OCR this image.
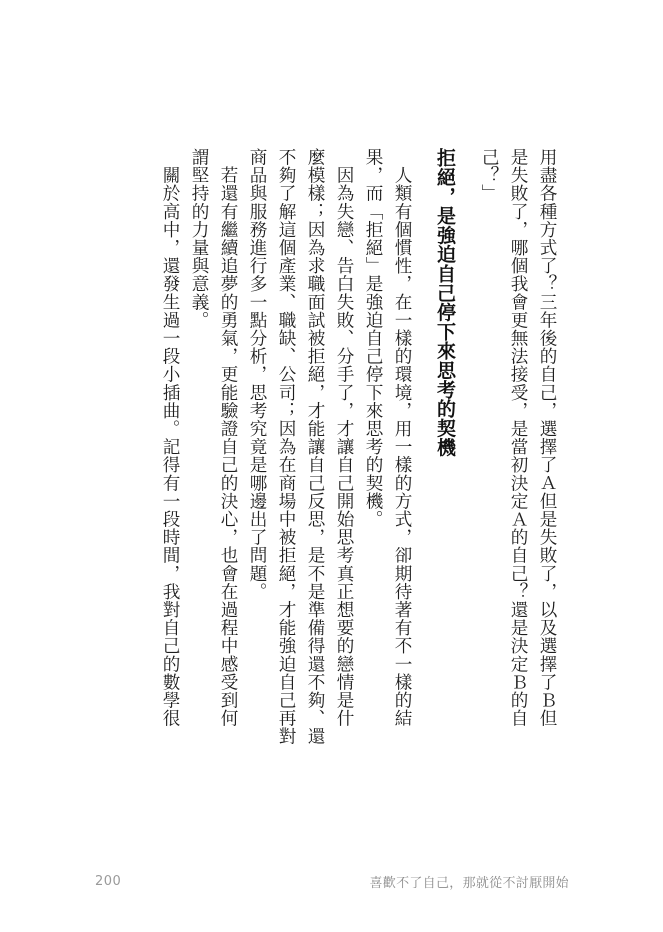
用盡各種方式了？三年後的自己，選擇了Ａ但是失敗了，以及選擇了Ｂ但
是失敗了，哪個我會更無法接受，是當初決定Ａ的自己？還是決定Ｂ的自
己？」
拒絕，是強迫自己停下來思考的契機
　人類有個慣性，在一樣的環境，用一樣的方式，卻期待著有不一樣的結
果，而「拒絕」是強迫自己停下來思考的契機。
　因為失戀、告白失敗、分手了，才讓自己開始思考真正想要的戀情是什
麼模樣；因為求職面試被拒絕，才能讓自己反思，是不是準備得還不夠、還
不夠了解這個產業、職缺、公司；因為在商場中被拒絕，才能強迫自己再對
商品與服務進行多一點分析，思考究竟是哪邊出了問題。
　若還有繼續追夢的勇氣，更能驗證自己的決心，也會在過程中感受到何
謂堅持的力量與意義。
　關於高中，還發生過一段小插曲。記得有一段時間，我對自己的數學很
200	喜歡不了自己，那就從不討厭開始
